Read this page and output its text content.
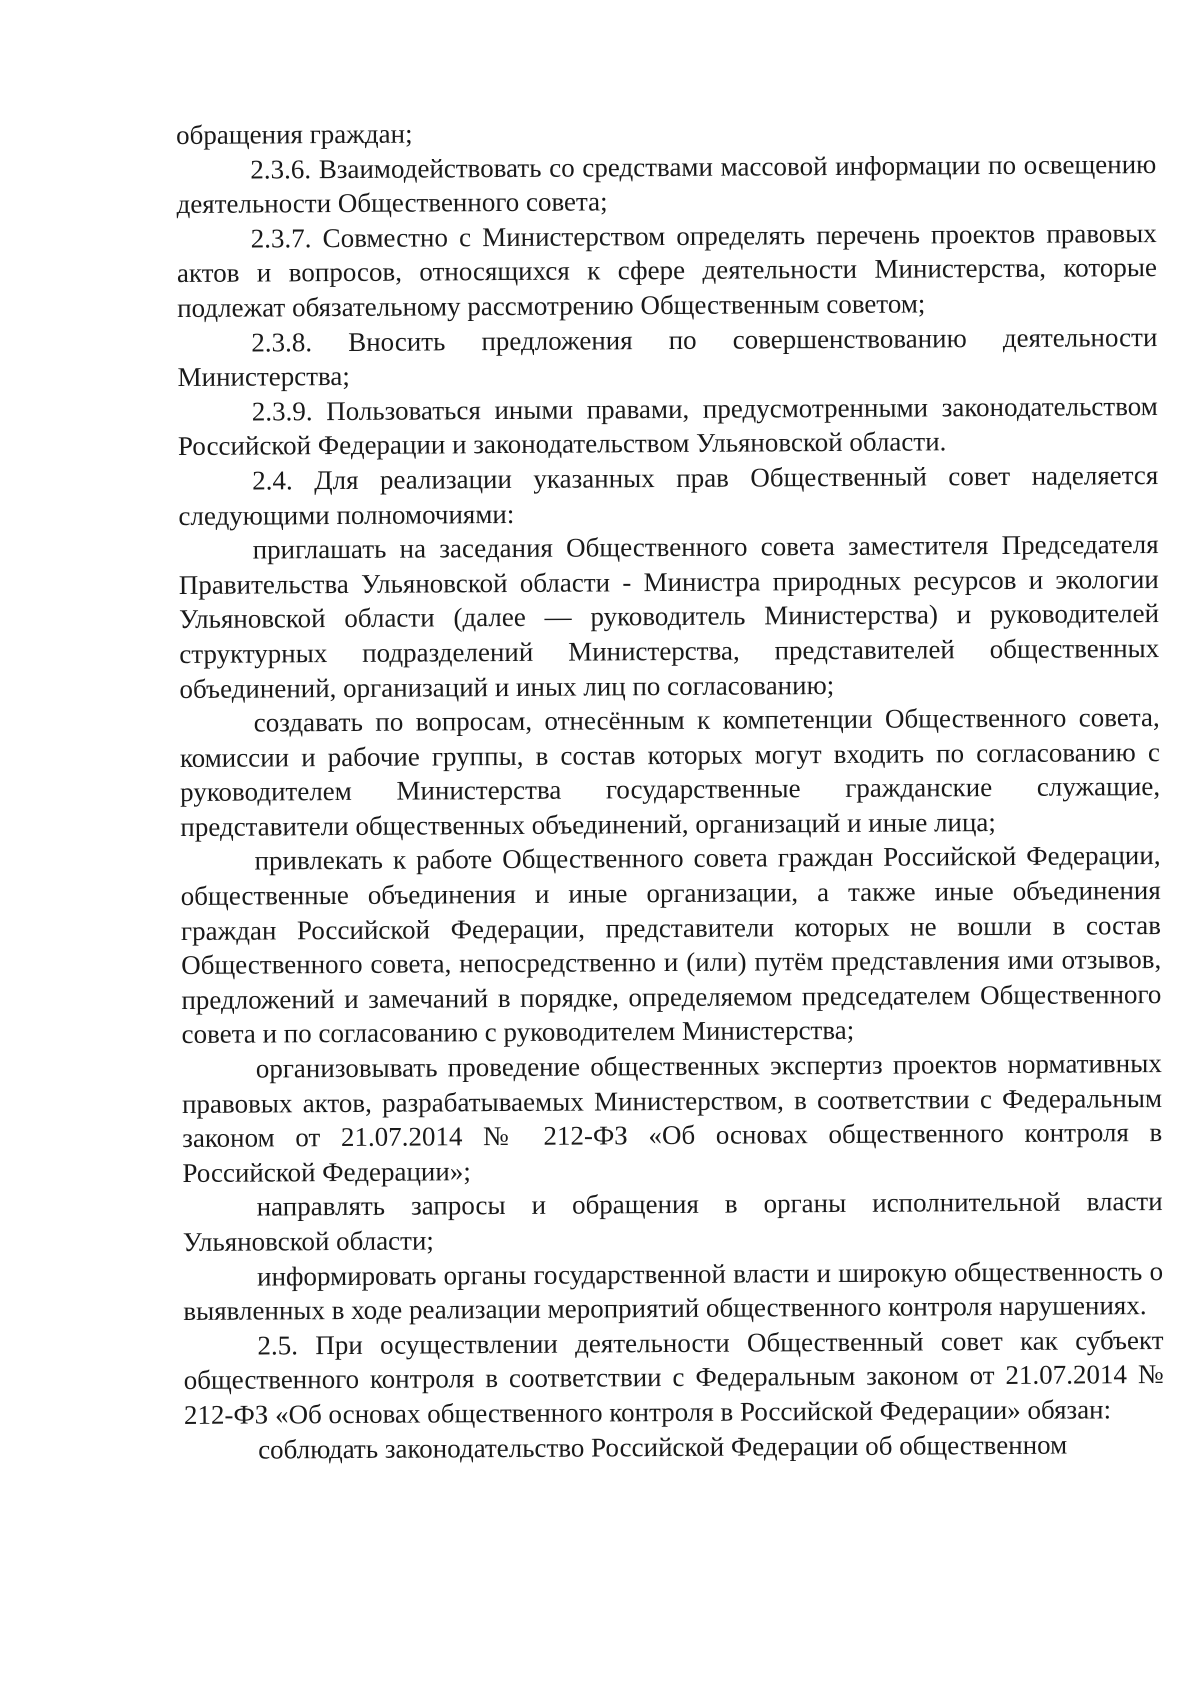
обращения граждан;

2.3.6. Взаимодействовать со средствами массовой информации по освещению деятельности Общественного совета;

2.3.7. Совместно с Министерством определять перечень проектов правовых актов и вопросов, относящихся к сфере деятельности Министерства, которые подлежат обязательному рассмотрению Общественным советом;

2.3.8. Вносить предложения по совершенствованию деятельности Министерства;

2.3.9. Пользоваться иными правами, предусмотренными законодательством Российской Федерации и законодательством Ульяновской области.

2.4. Для реализации указанных прав Общественный совет наделяется следующими полномочиями:

приглашать на заседания Общественного совета заместителя Председателя Правительства Ульяновской области - Министра природных ресурсов и экологии Ульяновской области (далее — руководитель Министерства) и руководителей структурных подразделений Министерства, представителей общественных объединений, организаций и иных лиц по согласованию;

создавать по вопросам, отнесённым к компетенции Общественного совета, комиссии и рабочие группы, в состав которых могут входить по согласованию с руководителем Министерства государственные гражданские служащие, представители общественных объединений, организаций и иные лица;

привлекать к работе Общественного совета граждан Российской Федерации, общественные объединения и иные организации, а также иные объединения граждан Российской Федерации, представители которых не вошли в состав Общественного совета, непосредственно и (или) путём представления ими отзывов, предложений и замечаний в порядке, определяемом председателем Общественного совета и по согласованию с руководителем Министерства;

организовывать проведение общественных экспертиз проектов нормативных правовых актов, разрабатываемых Министерством, в соответствии с Федеральным законом от 21.07.2014 № 212-ФЗ «Об основах общественного контроля в Российской Федерации»;

направлять запросы и обращения в органы исполнительной власти Ульяновской области;

информировать органы государственной власти и широкую общественность о выявленных в ходе реализации мероприятий общественного контроля нарушениях.

2.5. При осуществлении деятельности Общественный совет как субъект общественного контроля в соответствии с Федеральным законом от 21.07.2014 № 212-ФЗ «Об основах общественного контроля в Российской Федерации» обязан:

соблюдать законодательство Российской Федерации об общественном
